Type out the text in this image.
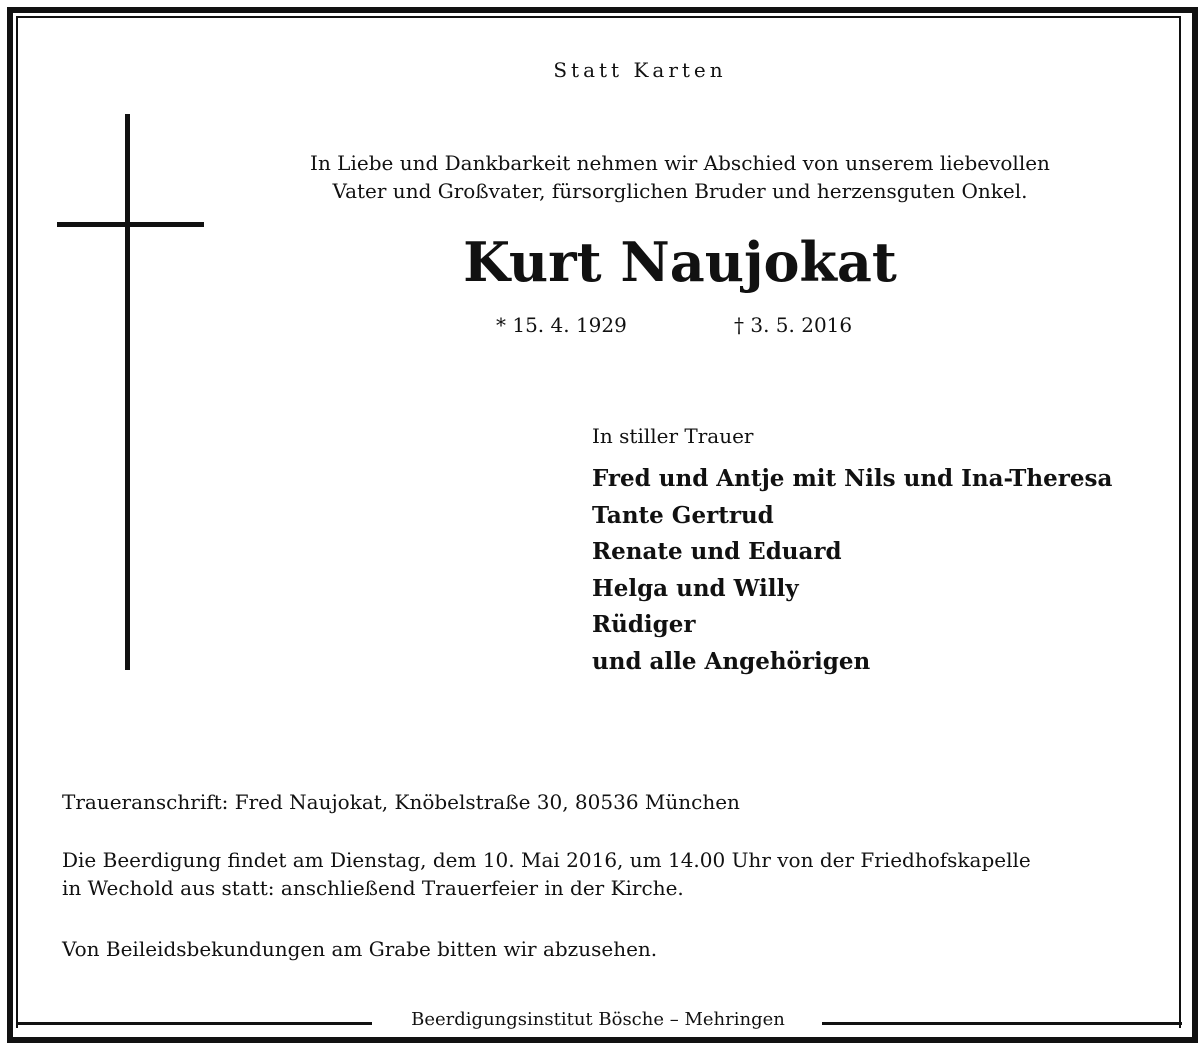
Statt Karten
In Liebe und Dankbarkeit nehmen wir Abschied von unserem liebevollen
Vater und Großvater, fürsorglichen Bruder und herzensguten Onkel.
Kurt Naujokat
* 15. 4. 1929	† 3. 5. 2016
In stiller Trauer
Fred und Antje mit Nils und Ina-Theresa
Tante Gertrud
Renate und Eduard
Helga und Willy
Rüdiger
und alle Angehörigen
Traueranschrift: Fred Naujokat, Knöbelstraße 30, 80536 München
Die Beerdigung findet am Dienstag, dem 10. Mai 2016, um 14.00 Uhr von der Friedhofskapelle
in Wechold aus statt: anschließend Trauerfeier in der Kirche.
Von Beileidsbekundungen am Grabe bitten wir abzusehen.
Beerdigungsinstitut Bösche – Mehringen
